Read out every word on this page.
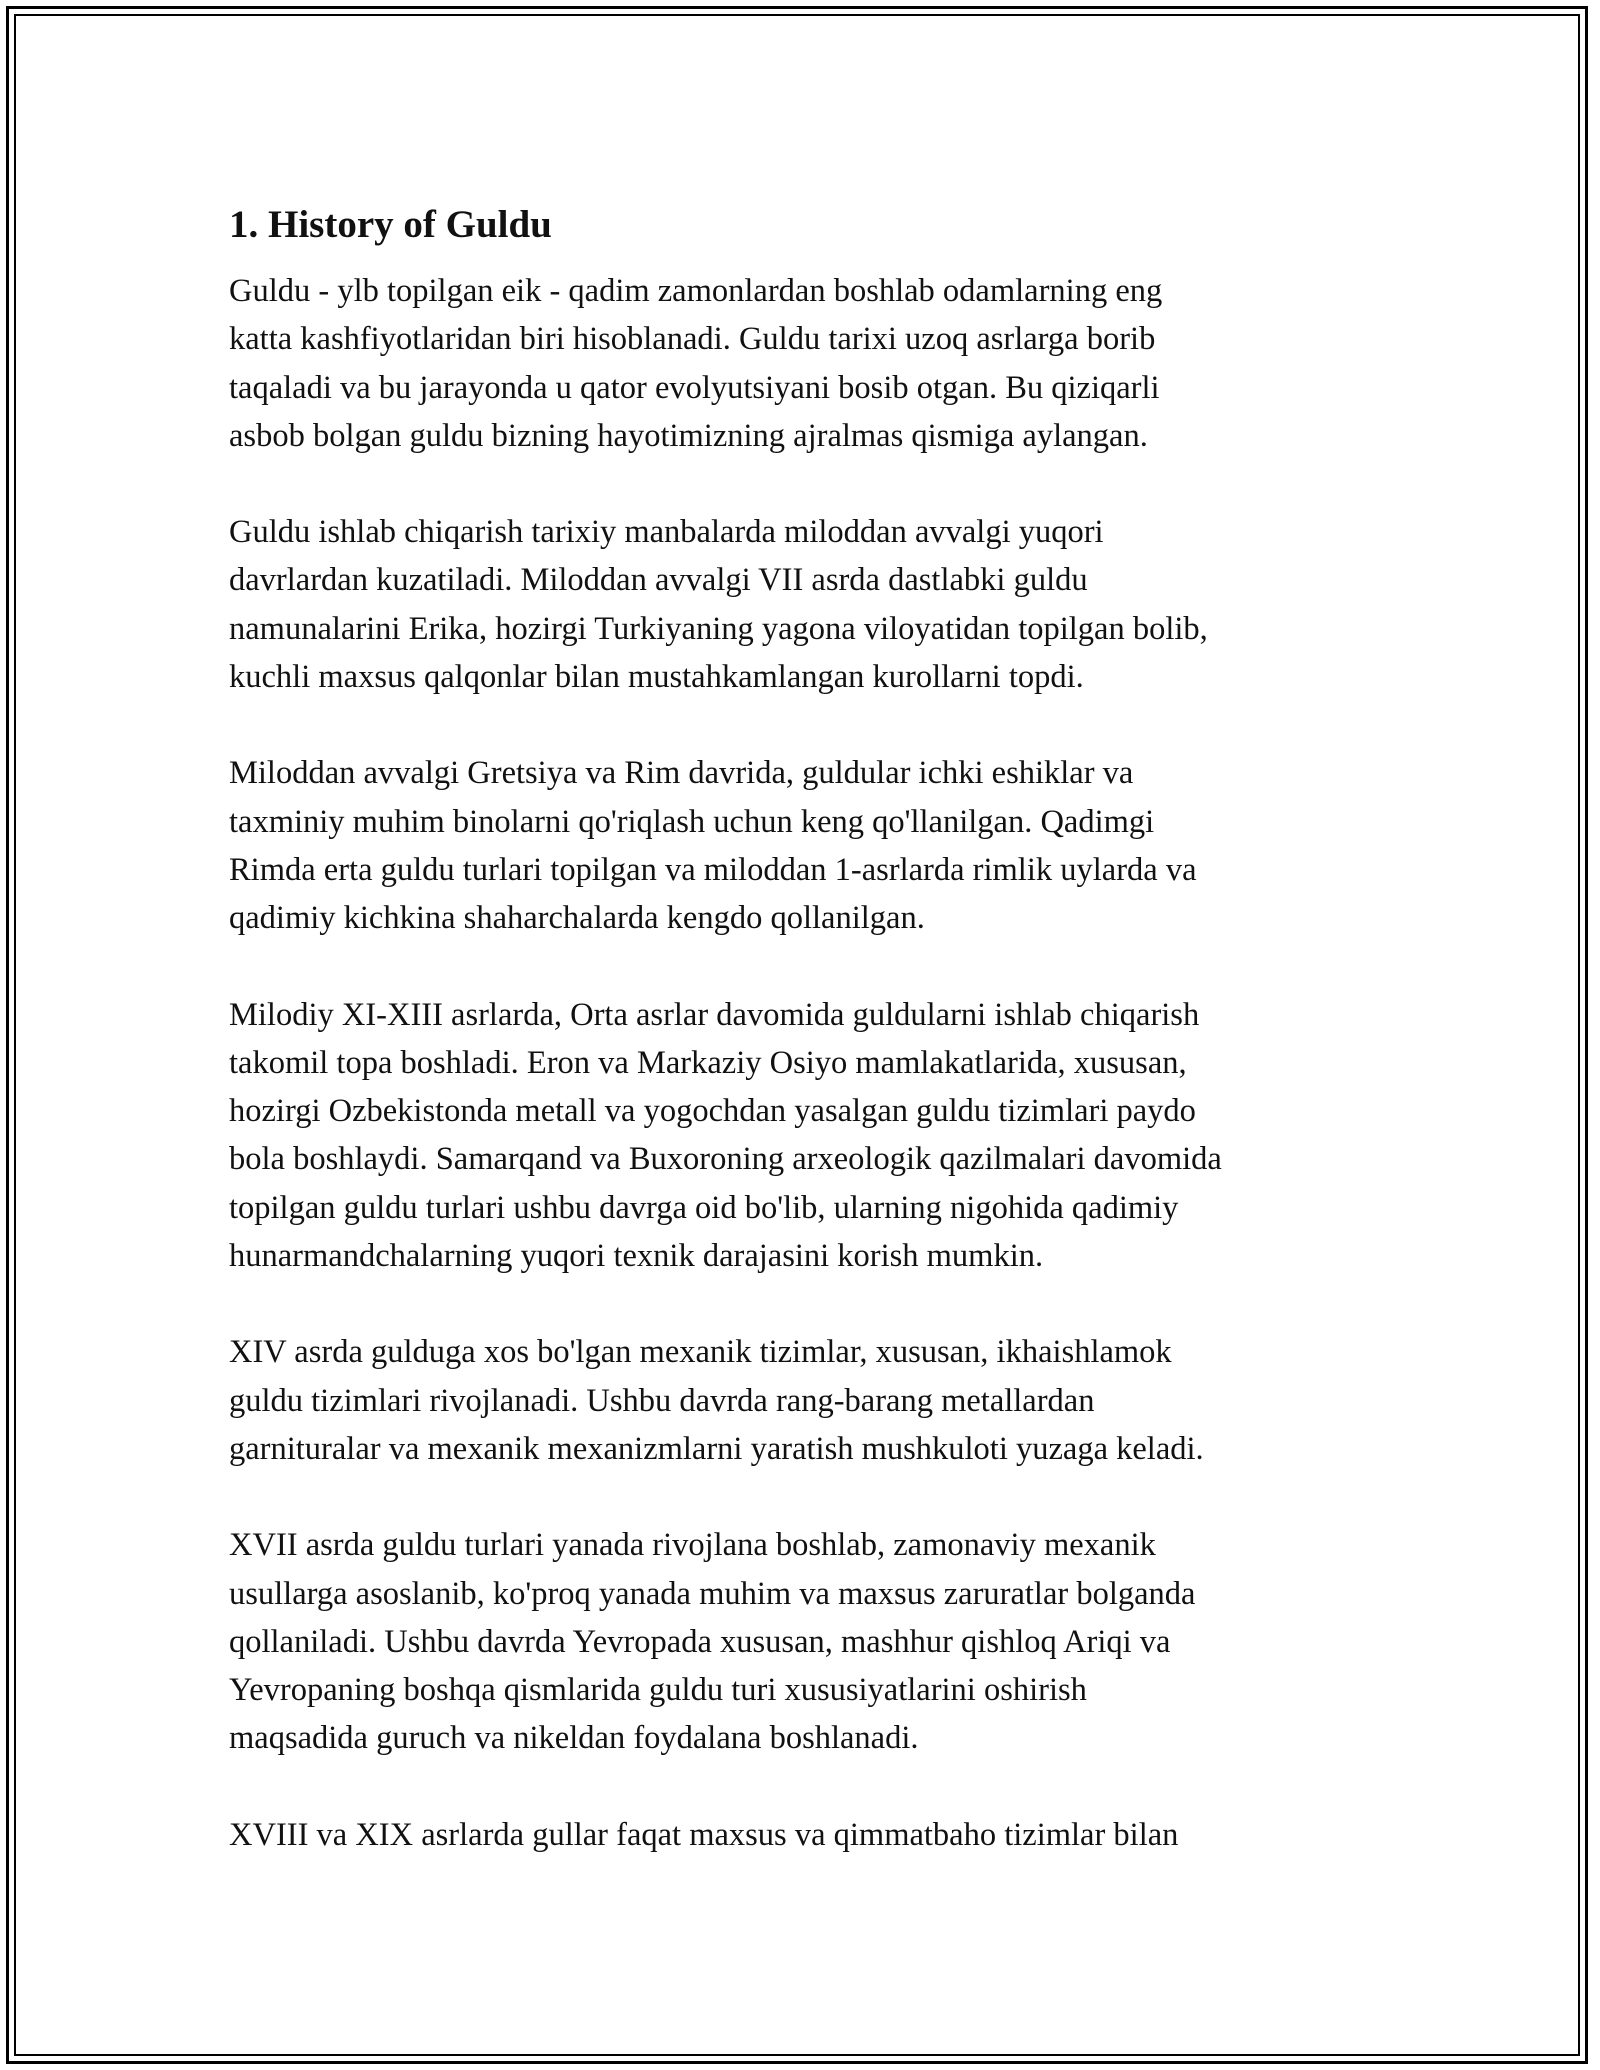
1. History of Guldu

Guldu - ylb topilgan eik - qadim zamonlardan boshlab odamlarning eng
katta kashfiyotlaridan biri hisoblanadi. Guldu tarixi uzoq asrlarga borib
taqaladi va bu jarayonda u qator evolyutsiyani bosib otgan. Bu qiziqarli
asbob bolgan guldu bizning hayotimizning ajralmas qismiga aylangan.

Guldu ishlab chiqarish tarixiy manbalarda miloddan avvalgi yuqori
davrlardan kuzatiladi. Miloddan avvalgi VII asrda dastlabki guldu
namunalarini Erika, hozirgi Turkiyaning yagona viloyatidan topilgan bolib,
kuchli maxsus qalqonlar bilan mustahkamlangan kurollarni topdi.

Miloddan avvalgi Gretsiya va Rim davrida, guldular ichki eshiklar va
taxminiy muhim binolarni qo'riqlash uchun keng qo'llanilgan. Qadimgi
Rimda erta guldu turlari topilgan va miloddan 1-asrlarda rimlik uylarda va
qadimiy kichkina shaharchalarda kengdo qollanilgan.

Milodiy XI-XIII asrlarda, Orta asrlar davomida guldularni ishlab chiqarish
takomil topa boshladi. Eron va Markaziy Osiyo mamlakatlarida, xususan,
hozirgi Ozbekistonda metall va yogochdan yasalgan guldu tizimlari paydo
bola boshlaydi. Samarqand va Buxoroning arxeologik qazilmalari davomida
topilgan guldu turlari ushbu davrga oid bo'lib, ularning nigohida qadimiy
hunarmandchalarning yuqori texnik darajasini korish mumkin.

XIV asrda gulduga xos bo'lgan mexanik tizimlar, xususan, ikhaishlamok
guldu tizimlari rivojlanadi. Ushbu davrda rang-barang metallardan
garnituralar va mexanik mexanizmlarni yaratish mushkuloti yuzaga keladi.

XVII asrda guldu turlari yanada rivojlana boshlab, zamonaviy mexanik
usullarga asoslanib, ko'proq yanada muhim va maxsus zaruratlar bolganda
qollaniladi. Ushbu davrda Yevropada xususan, mashhur qishloq Ariqi va
Yevropaning boshqa qismlarida guldu turi xususiyatlarini oshirish
maqsadida guruch va nikeldan foydalana boshlanadi.

XVIII va XIX asrlarda gullar faqat maxsus va qimmatbaho tizimlar bilan
